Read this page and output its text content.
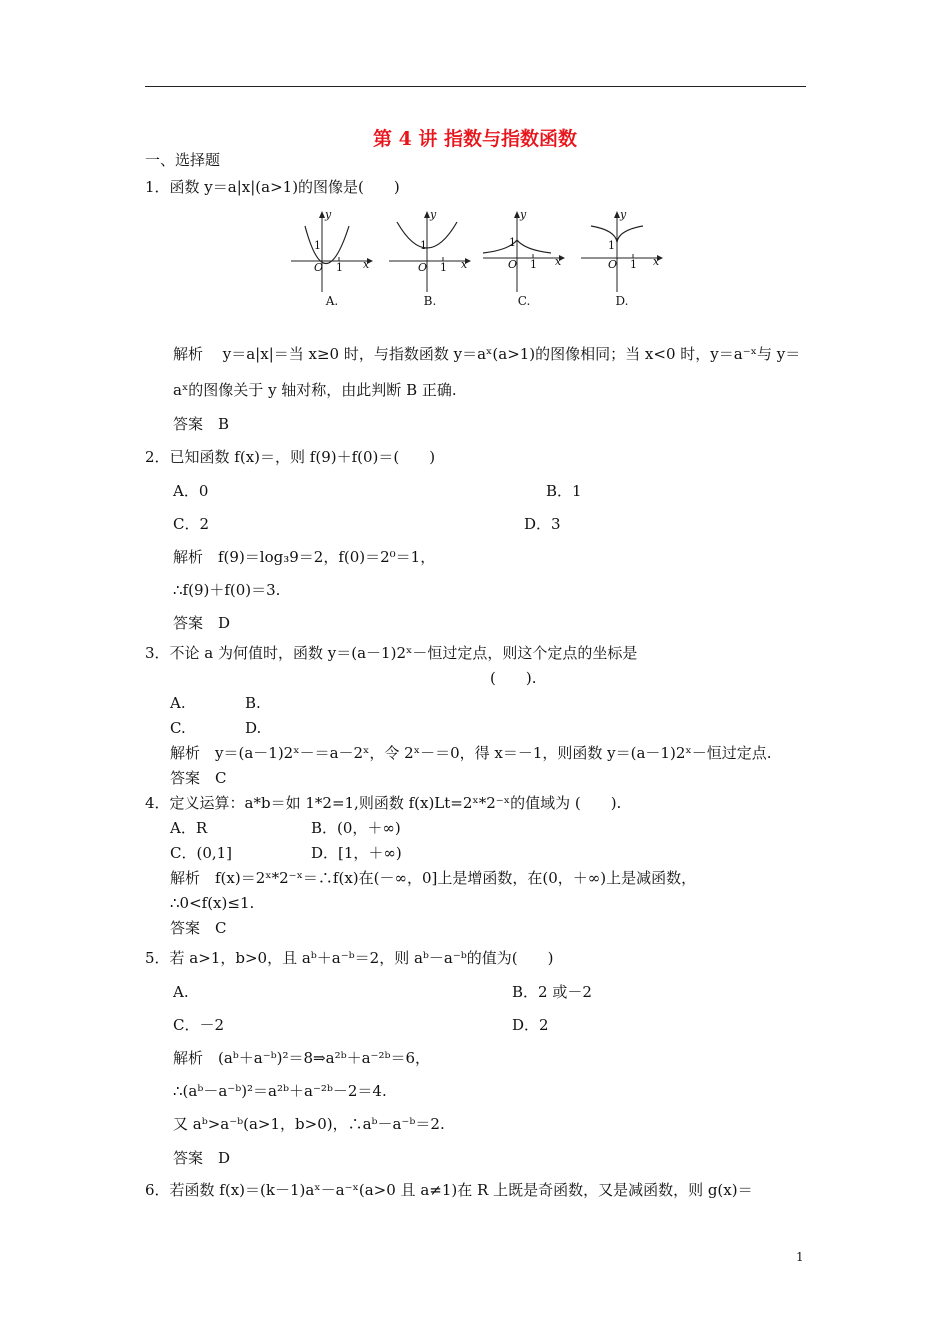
第 4 讲 指数与指数函数
一、选择题
1．函数 y＝a|x|(a>1)的图像是(　　)
y
x
O
1
1
A.
y
x
O
1
1
B.
y
x
O
1
1
C.
y
x
O
1
1
D.
解析　 y＝a|x|＝当 x≥0 时，与指数函数 y＝aˣ(a>1)的图像相同；当 x<0 时，y＝a⁻ˣ与 y＝
aˣ的图像关于 y 轴对称，由此判断 B 正确.
答案　B
2．已知函数 f(x)＝，则 f(9)＋f(0)＝(　　)
A．0	B．1
C．2	D．3
解析　f(9)＝log₃9＝2，f(0)＝2⁰＝1，
∴f(9)＋f(0)＝3.
答案　D
3．不论 a 为何值时，函数 y＝(a－1)2ˣ－恒过定点，则这个定点的坐标是
(　　).
A.	B.
C.	D.
解析　y＝(a－1)2ˣ－＝a－2ˣ，令 2ˣ－＝0，得 x＝－1，则函数 y＝(a－1)2ˣ－恒过定点.
答案　C
4．定义运算：a*b＝如 1*2=1,则函数 f(x)Lt=2ˣ*2⁻ˣ的值域为 (　　).
A．R	B．(0，＋∞)
C．(0,1]	D．[1，＋∞)
解析　f(x)＝2ˣ*2⁻ˣ＝∴f(x)在(－∞，0]上是增函数，在(0，＋∞)上是减函数，
∴0<f(x)≤1.
答案　C
5．若 a>1，b>0，且 aᵇ＋a⁻ᵇ＝2，则 aᵇ－a⁻ᵇ的值为(　　)
A.	B．2 或－2
C．－2	D．2
解析　(aᵇ＋a⁻ᵇ)²＝8⇒a²ᵇ＋a⁻²ᵇ＝6，
∴(aᵇ－a⁻ᵇ)²＝a²ᵇ＋a⁻²ᵇ－2＝4.
又 aᵇ>a⁻ᵇ(a>1，b>0)，∴aᵇ－a⁻ᵇ＝2.
答案　D
6．若函数 f(x)＝(k－1)aˣ－a⁻ˣ(a>0 且 a≠1)在 R 上既是奇函数，又是减函数，则 g(x)＝
1
